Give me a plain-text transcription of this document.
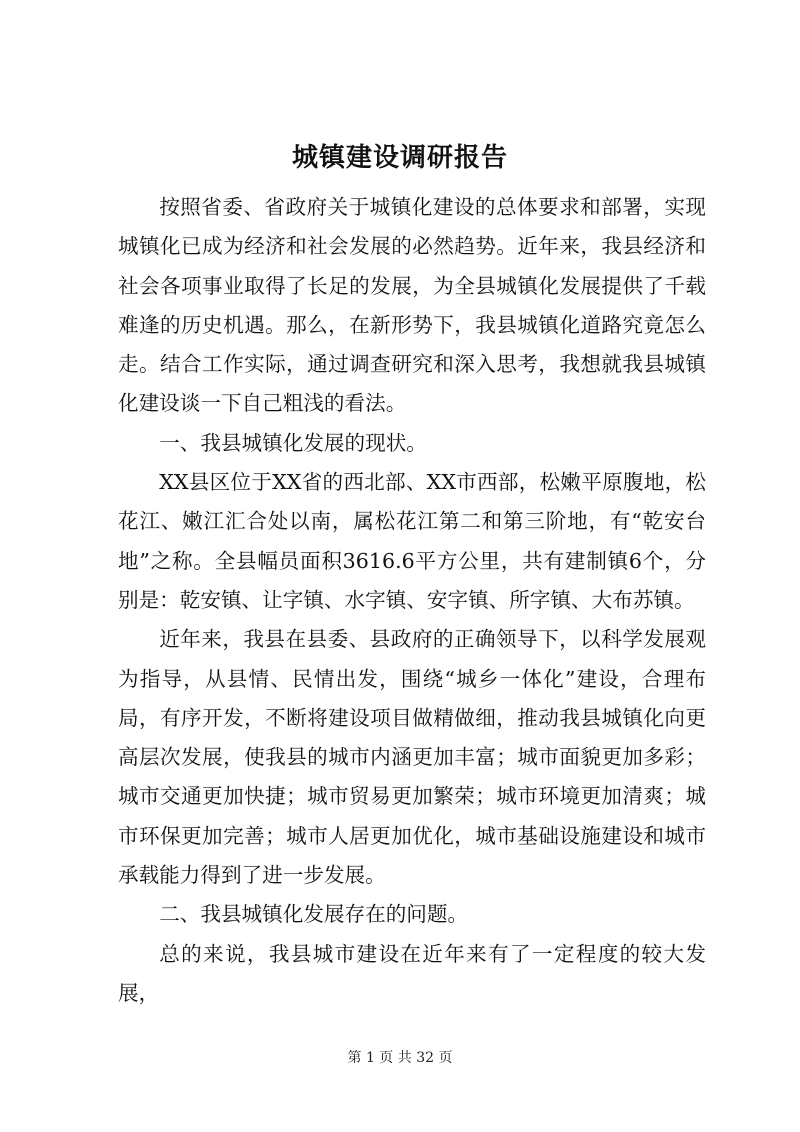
城镇建设调研报告

按照省委、省政府关于城镇化建设的总体要求和部署，实现城镇化已成为经济和社会发展的必然趋势。近年来，我县经济和社会各项事业取得了长足的发展，为全县城镇化发展提供了千载难逢的历史机遇。那么，在新形势下，我县城镇化道路究竟怎么走。结合工作实际，通过调查研究和深入思考，我想就我县城镇化建设谈一下自己粗浅的看法。

一、我县城镇化发展的现状。

XX县区位于XX省的西北部、XX市西部，松嫩平原腹地，松花江、嫩江汇合处以南，属松花江第二和第三阶地，有“乾安台地”之称。全县幅员面积3616.6平方公里，共有建制镇6个，分别是：乾安镇、让字镇、水字镇、安字镇、所字镇、大布苏镇。

近年来，我县在县委、县政府的正确领导下，以科学发展观为指导，从县情、民情出发，围绕“城乡一体化”建设，合理布局，有序开发，不断将建设项目做精做细，推动我县城镇化向更高层次发展，使我县的城市内涵更加丰富；城市面貌更加多彩；城市交通更加快捷；城市贸易更加繁荣；城市环境更加清爽；城市环保更加完善；城市人居更加优化，城市基础设施建设和城市承载能力得到了进一步发展。

二、我县城镇化发展存在的问题。

总的来说，我县城市建设在近年来有了一定程度的较大发展，

第 1 页 共 32 页
